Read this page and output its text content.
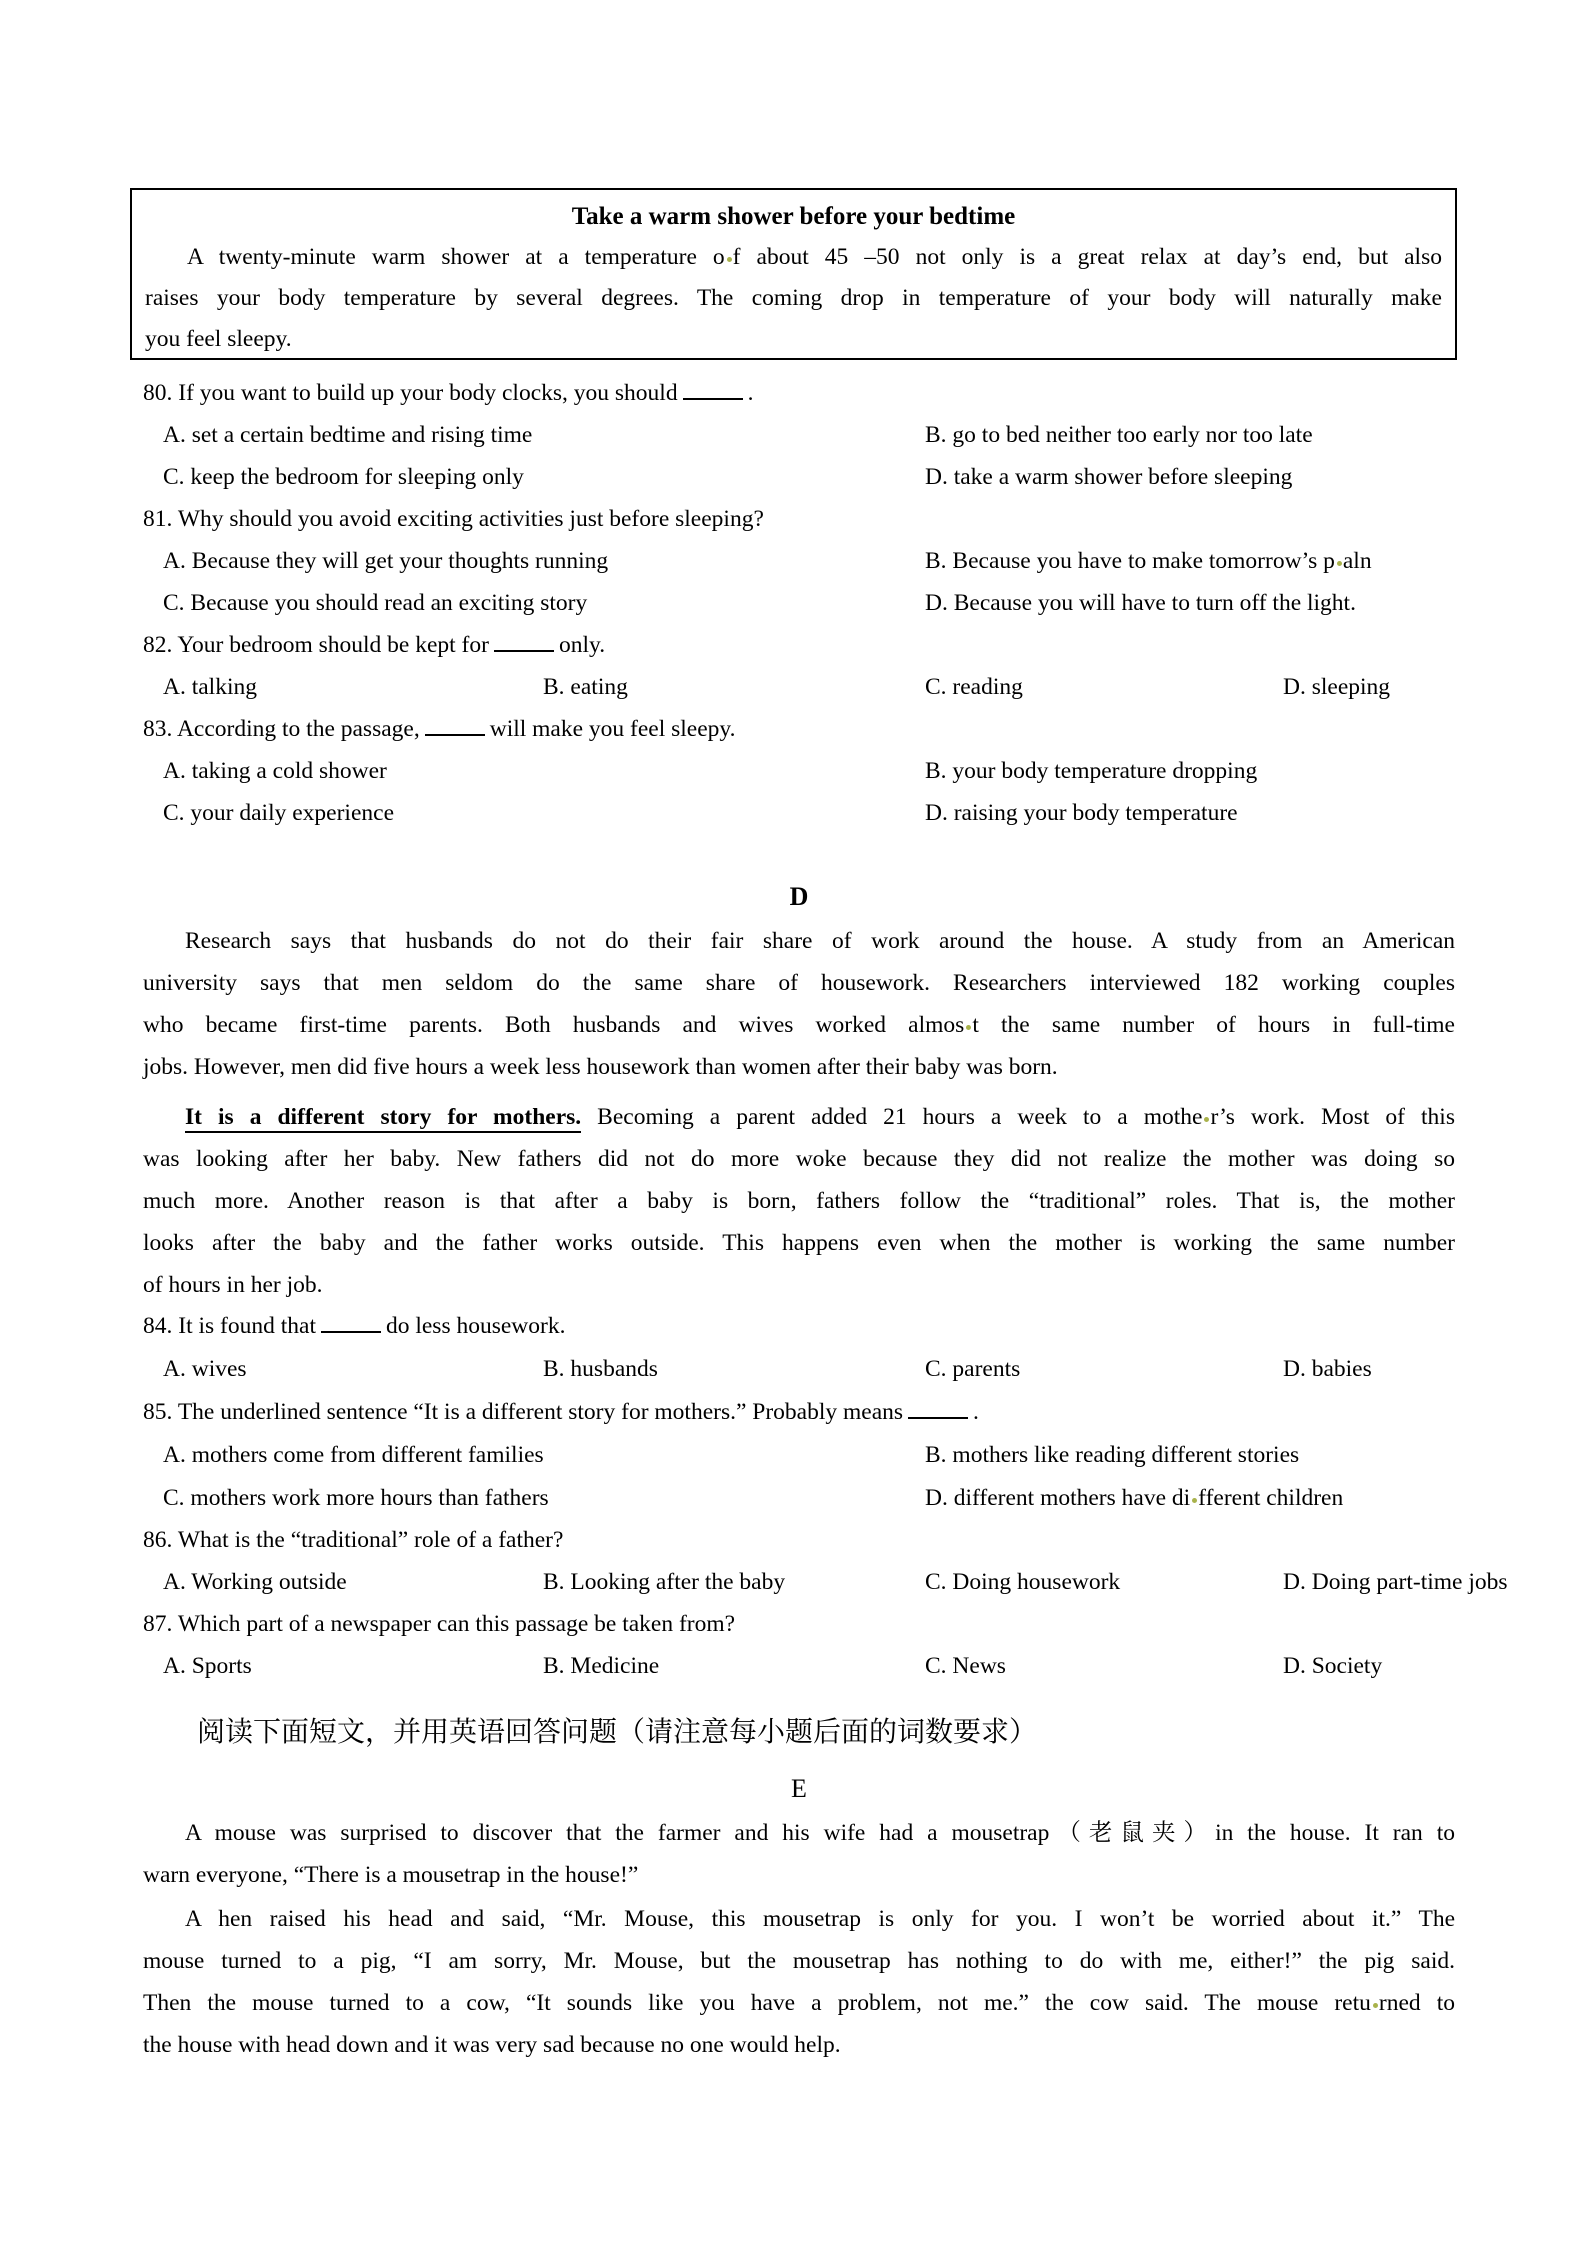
Take a warm shower before your bedtime
A twenty-minute warm shower at a temperature o f about 45 –50 not only is a great relax at day’s end, but also
raises your body temperature by several degrees. The coming drop in temperature of your body will naturally make
you feel sleepy.
80. If you want to build up your body clocks, you should	.
A. set a certain bedtime and rising time	B. go to bed neither too early nor too late
C. keep the bedroom for sleeping only	D. take a warm shower before sleeping
81. Why should you avoid exciting activities just before sleeping?
A. Because they will get your thoughts running	B. Because you have to make tomorrow’s p aln
C. Because you should read an exciting story	D. Because you will have to turn off the light.
82. Your bedroom should be kept for	only.
A. talking	B. eating	C. reading	D. sleeping
83. According to the passage,	will make you feel sleepy.
A. taking a cold shower	B. your body temperature dropping
C. your daily experience	D. raising your body temperature
D
Research says that husbands do not do their fair share of work around the house. A study from an American
university says that men seldom do the same share of housework. Researchers interviewed 182 working couples
who became first-time parents. Both husbands and wives worked almos t the same number of hours in full-time
jobs. However, men did five hours a week less housework than women after their baby was born.
It is a different story for mothers. Becoming a parent added 21 hours a week to a mothe r’s work. Most of this
was looking after her baby. New fathers did not do more woke because they did not realize the mother was doing so
much more. Another reason is that after a baby is born, fathers follow the “traditional” roles. That is, the mother
looks after the baby and the father works outside. This happens even when the mother is working the same number
of hours in her job.
84. It is found that	do less housework.
A. wives	B. husbands	C. parents	D. babies
85. The underlined sentence “It is a different story for mothers.” Probably means	.
A. mothers come from different families	B. mothers like reading different stories
C. mothers work more hours than fathers	D. different mothers have di fferent children
86. What is the “traditional” role of a father?
A. Working outside	B. Looking after the baby	C. Doing housework	D. Doing part-time jobs
87. Which part of a newspaper can this passage be taken from?
A. Sports	B. Medicine	C. News	D. Society
阅读下面短文，并用英语回答问题（请注意每小题后面的词数要求）
E
A mouse was surprised to discover that the farmer and his wife had a mousetrap（老鼠夹）in the house. It ran to
warn everyone, “There is a mousetrap in the house!”
A hen raised his head and said, “Mr. Mouse, this mousetrap is only for you. I won’t be worried about it.” The
mouse turned to a pig, “I am sorry, Mr. Mouse, but the mousetrap has nothing to do with me, either!” the pig said.
Then the mouse turned to a cow, “It sounds like you have a problem, not me.” the cow said. The mouse retu rned to
the house with head down and it was very sad because no one would help.
